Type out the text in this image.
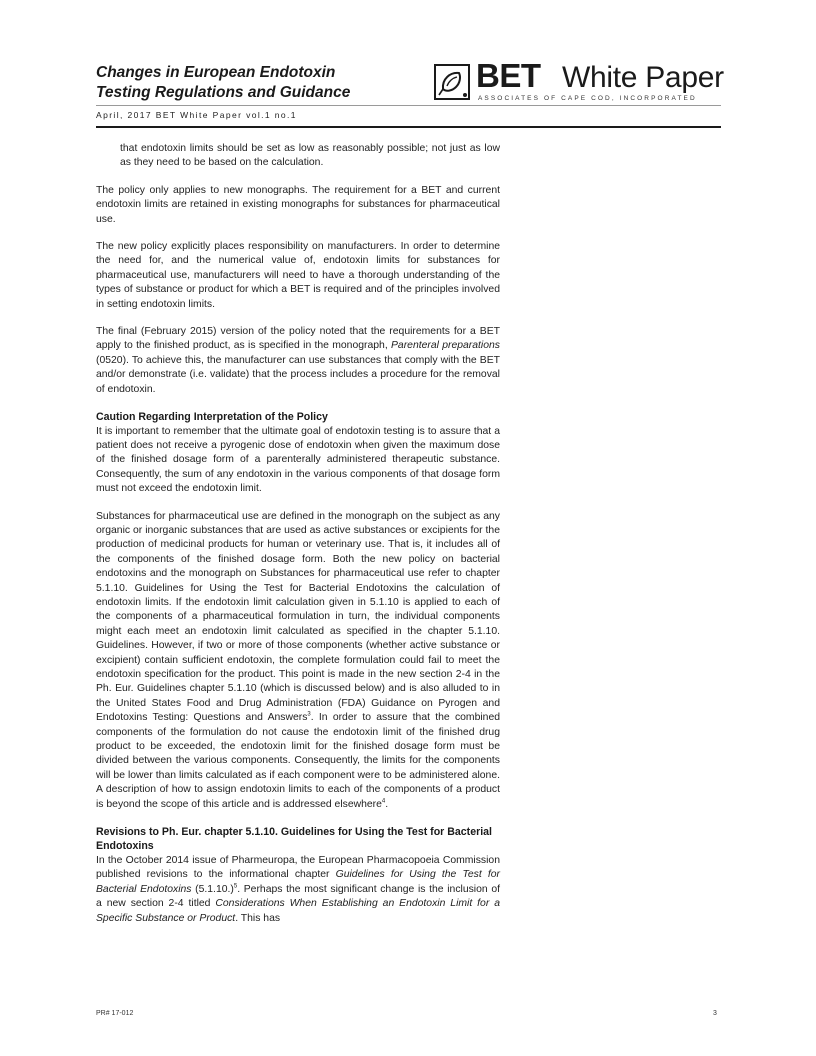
Changes in European Endotoxin
Testing Regulations and Guidance	BET White Paper
ASSOCIATES OF CAPE COD, INCORPORATED
April, 2017 BET White Paper vol.1 no.1

that endotoxin limits should be set as low as reasonably possible; not just as low as they need to be based on the calculation.

The policy only applies to new monographs. The requirement for a BET and current endotoxin limits are retained in existing monographs for substances for pharmaceutical use.

The new policy explicitly places responsibility on manufacturers. In order to determine the need for, and the numerical value of, endotoxin limits for substances for pharmaceutical use, manufacturers will need to have a thorough understanding of the types of substance or product for which a BET is required and of the principles involved in setting endotoxin limits.

The final (February 2015) version of the policy noted that the requirements for a BET apply to the finished product, as is specified in the monograph, Parenteral preparations (0520). To achieve this, the manufacturer can use substances that comply with the BET and/or demonstrate (i.e. validate) that the process includes a procedure for the removal of endotoxin.

Caution Regarding Interpretation of the Policy

It is important to remember that the ultimate goal of endotoxin testing is to assure that a patient does not receive a pyrogenic dose of endotoxin when given the maximum dose of the finished dosage form of a parenterally administered therapeutic substance. Consequently, the sum of any endotoxin in the various components of that dosage form must not exceed the endotoxin limit.

Substances for pharmaceutical use are defined in the monograph on the subject as any organic or inorganic substances that are used as active substances or excipients for the production of medicinal products for human or veterinary use. That is, it includes all of the components of the finished dosage form. Both the new policy on bacterial endotoxins and the monograph on Substances for pharmaceutical use refer to chapter 5.1.10. Guidelines for Using the Test for Bacterial Endotoxins the calculation of endotoxin limits. If the endotoxin limit calculation given in 5.1.10 is applied to each of the components of a pharmaceutical formulation in turn, the individual components might each meet an endotoxin limit calculated as specified in the chapter 5.1.10. Guidelines. However, if two or more of those components (whether active substance or excipient) contain sufficient endotoxin, the complete formulation could fail to meet the endotoxin specification for the product. This point is made in the new section 2-4 in the Ph. Eur. Guidelines chapter 5.1.10 (which is discussed below) and is also alluded to in the United States Food and Drug Administration (FDA) Guidance on Pyrogen and Endotoxins Testing: Questions and Answers$^3$. In order to assure that the combined components of the formulation do not cause the endotoxin limit of the finished drug product to be exceeded, the endotoxin limit for the finished dosage form must be divided between the various components. Consequently, the limits for the components will be lower than limits calculated as if each component were to be administered alone. A description of how to assign endotoxin limits to each of the components of a product is beyond the scope of this article and is addressed elsewhere$^4$.

Revisions to Ph. Eur. chapter 5.1.10. Guidelines for Using the Test for Bacterial Endotoxins

In the October 2014 issue of Pharmeuropa, the European Pharmacopoeia Commission published revisions to the informational chapter Guidelines for Using the Test for Bacterial Endotoxins $(5.1.10.)^5$. Perhaps the most significant change is the inclusion of a new section 2-4 titled Considerations When Establishing an Endotoxin Limit for a Specific Substance or Product. This has

PR# 17-012	3
